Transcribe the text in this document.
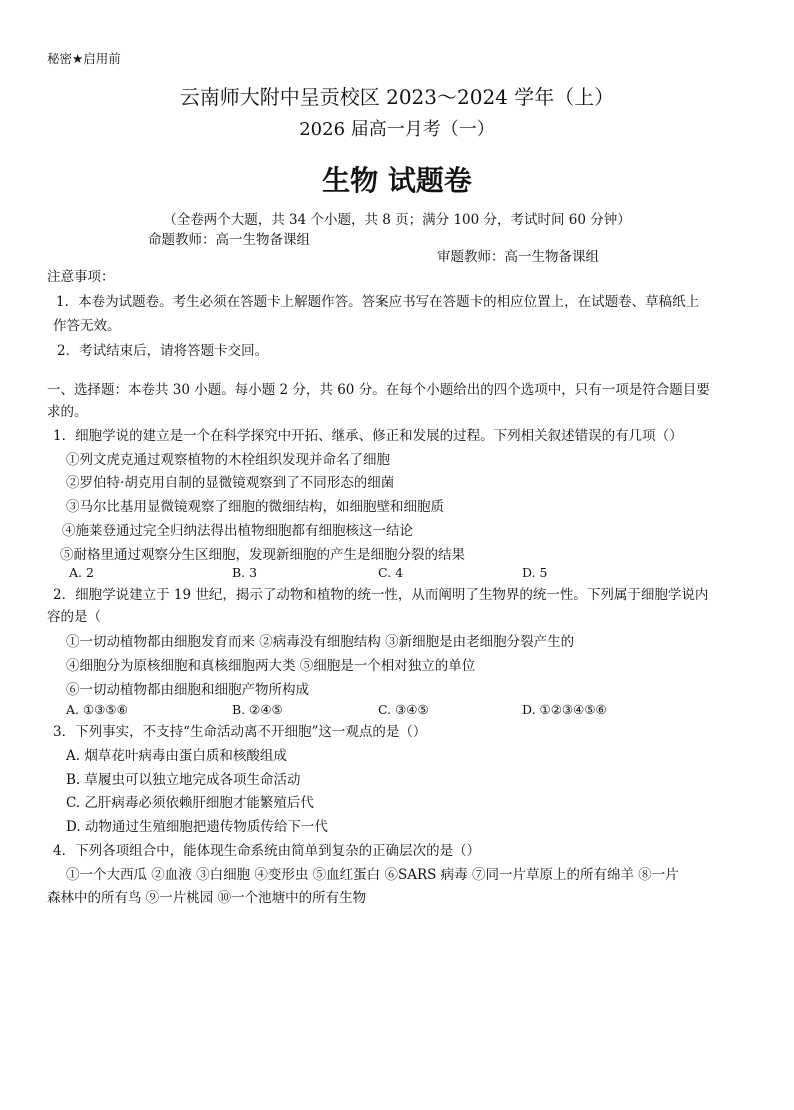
秘密★启用前
云南师大附中呈贡校区 2023～2024 学年（上）
2026 届高一月考（一）
生物 试题卷
（全卷两个大题，共 34 个小题，共 8 页；满分 100 分，考试时间 60 分钟）
命题教师：高一生物备课组
审题教师：高一生物备课组
注意事项：
1．本卷为试题卷。考生必须在答题卡上解题作答。答案应书写在答题卡的相应位置上，在试题卷、草稿纸上
作答无效。
2．考试结束后，请将答题卡交回。
一、选择题：本卷共 30 小题。每小题 2 分，共 60 分。在每个小题给出的四个选项中，只有一项是符合题目要
求的。
1．细胞学说的建立是一个在科学探究中开拓、继承、修正和发展的过程。下列相关叙述错误的有几项（）
①列文虎克通过观察植物的木栓组织发现并命名了细胞
②罗伯特·胡克用自制的显微镜观察到了不同形态的细菌
③马尔比基用显微镜观察了细胞的微细结构，如细胞壁和细胞质
④施莱登通过完全归纳法得出植物细胞都有细胞核这一结论
⑤耐格里通过观察分生区细胞，发现新细胞的产生是细胞分裂的结果
A. 2	B. 3	C. 4	D. 5
2．细胞学说建立于 19 世纪，揭示了动物和植物的统一性，从而阐明了生物界的统一性。下列属于细胞学说内
容的是（
①一切动植物都由细胞发育而来 ②病毒没有细胞结构 ③新细胞是由老细胞分裂产生的
④细胞分为原核细胞和真核细胞两大类 ⑤细胞是一个相对独立的单位
⑥一切动植物都由细胞和细胞产物所构成
A. ①③⑤⑥	B. ②④⑤	C. ③④⑤	D. ①②③④⑤⑥
3．下列事实，不支持“生命活动离不开细胞”这一观点的是（）
A. 烟草花叶病毒由蛋白质和核酸组成
B. 草履虫可以独立地完成各项生命活动
C. 乙肝病毒必须依赖肝细胞才能繁殖后代
D. 动物通过生殖细胞把遗传物质传给下一代
4．下列各项组合中，能体现生命系统由简单到复杂的正确层次的是（）
①一个大西瓜 ②血液 ③白细胞 ④变形虫 ⑤血红蛋白 ⑥SARS 病毒 ⑦同一片草原上的所有绵羊 ⑧一片
森林中的所有鸟 ⑨一片桃园 ⑩一个池塘中的所有生物
